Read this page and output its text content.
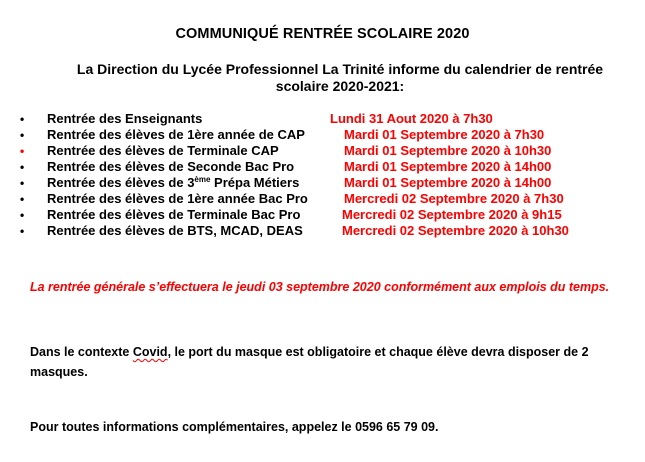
COMMUNIQUÉ RENTRÉE SCOLAIRE 2020
La Direction du Lycée Professionnel La Trinité informe du calendrier de rentrée scolaire 2020-2021:
• Rentrée des Enseignants	Lundi 31 Aout 2020 à 7h30
• Rentrée des élèves de 1ère année de CAP	Mardi 01 Septembre 2020 à 7h30
• Rentrée des élèves de Terminale CAP	Mardi 01 Septembre 2020 à 10h30
• Rentrée des élèves de Seconde Bac Pro	Mardi 01 Septembre 2020 à 14h00
• Rentrée des élèves de 3ème Prépa Métiers	Mardi 01 Septembre 2020 à 14h00
• Rentrée des élèves de 1ère année Bac Pro	Mercredi 02 Septembre 2020 à 7h30
• Rentrée des élèves de Terminale Bac Pro	Mercredi 02 Septembre 2020 à 9h15
• Rentrée des élèves de BTS, MCAD, DEAS	Mercredi 02 Septembre 2020 à 10h30
La rentrée générale s’effectuera le jeudi 03 septembre 2020 conformément aux emplois du temps.
Dans le contexte Covid, le port du masque est obligatoire et chaque élève devra disposer de 2 masques.
Pour toutes informations complémentaires, appelez le 0596 65 79 09.
